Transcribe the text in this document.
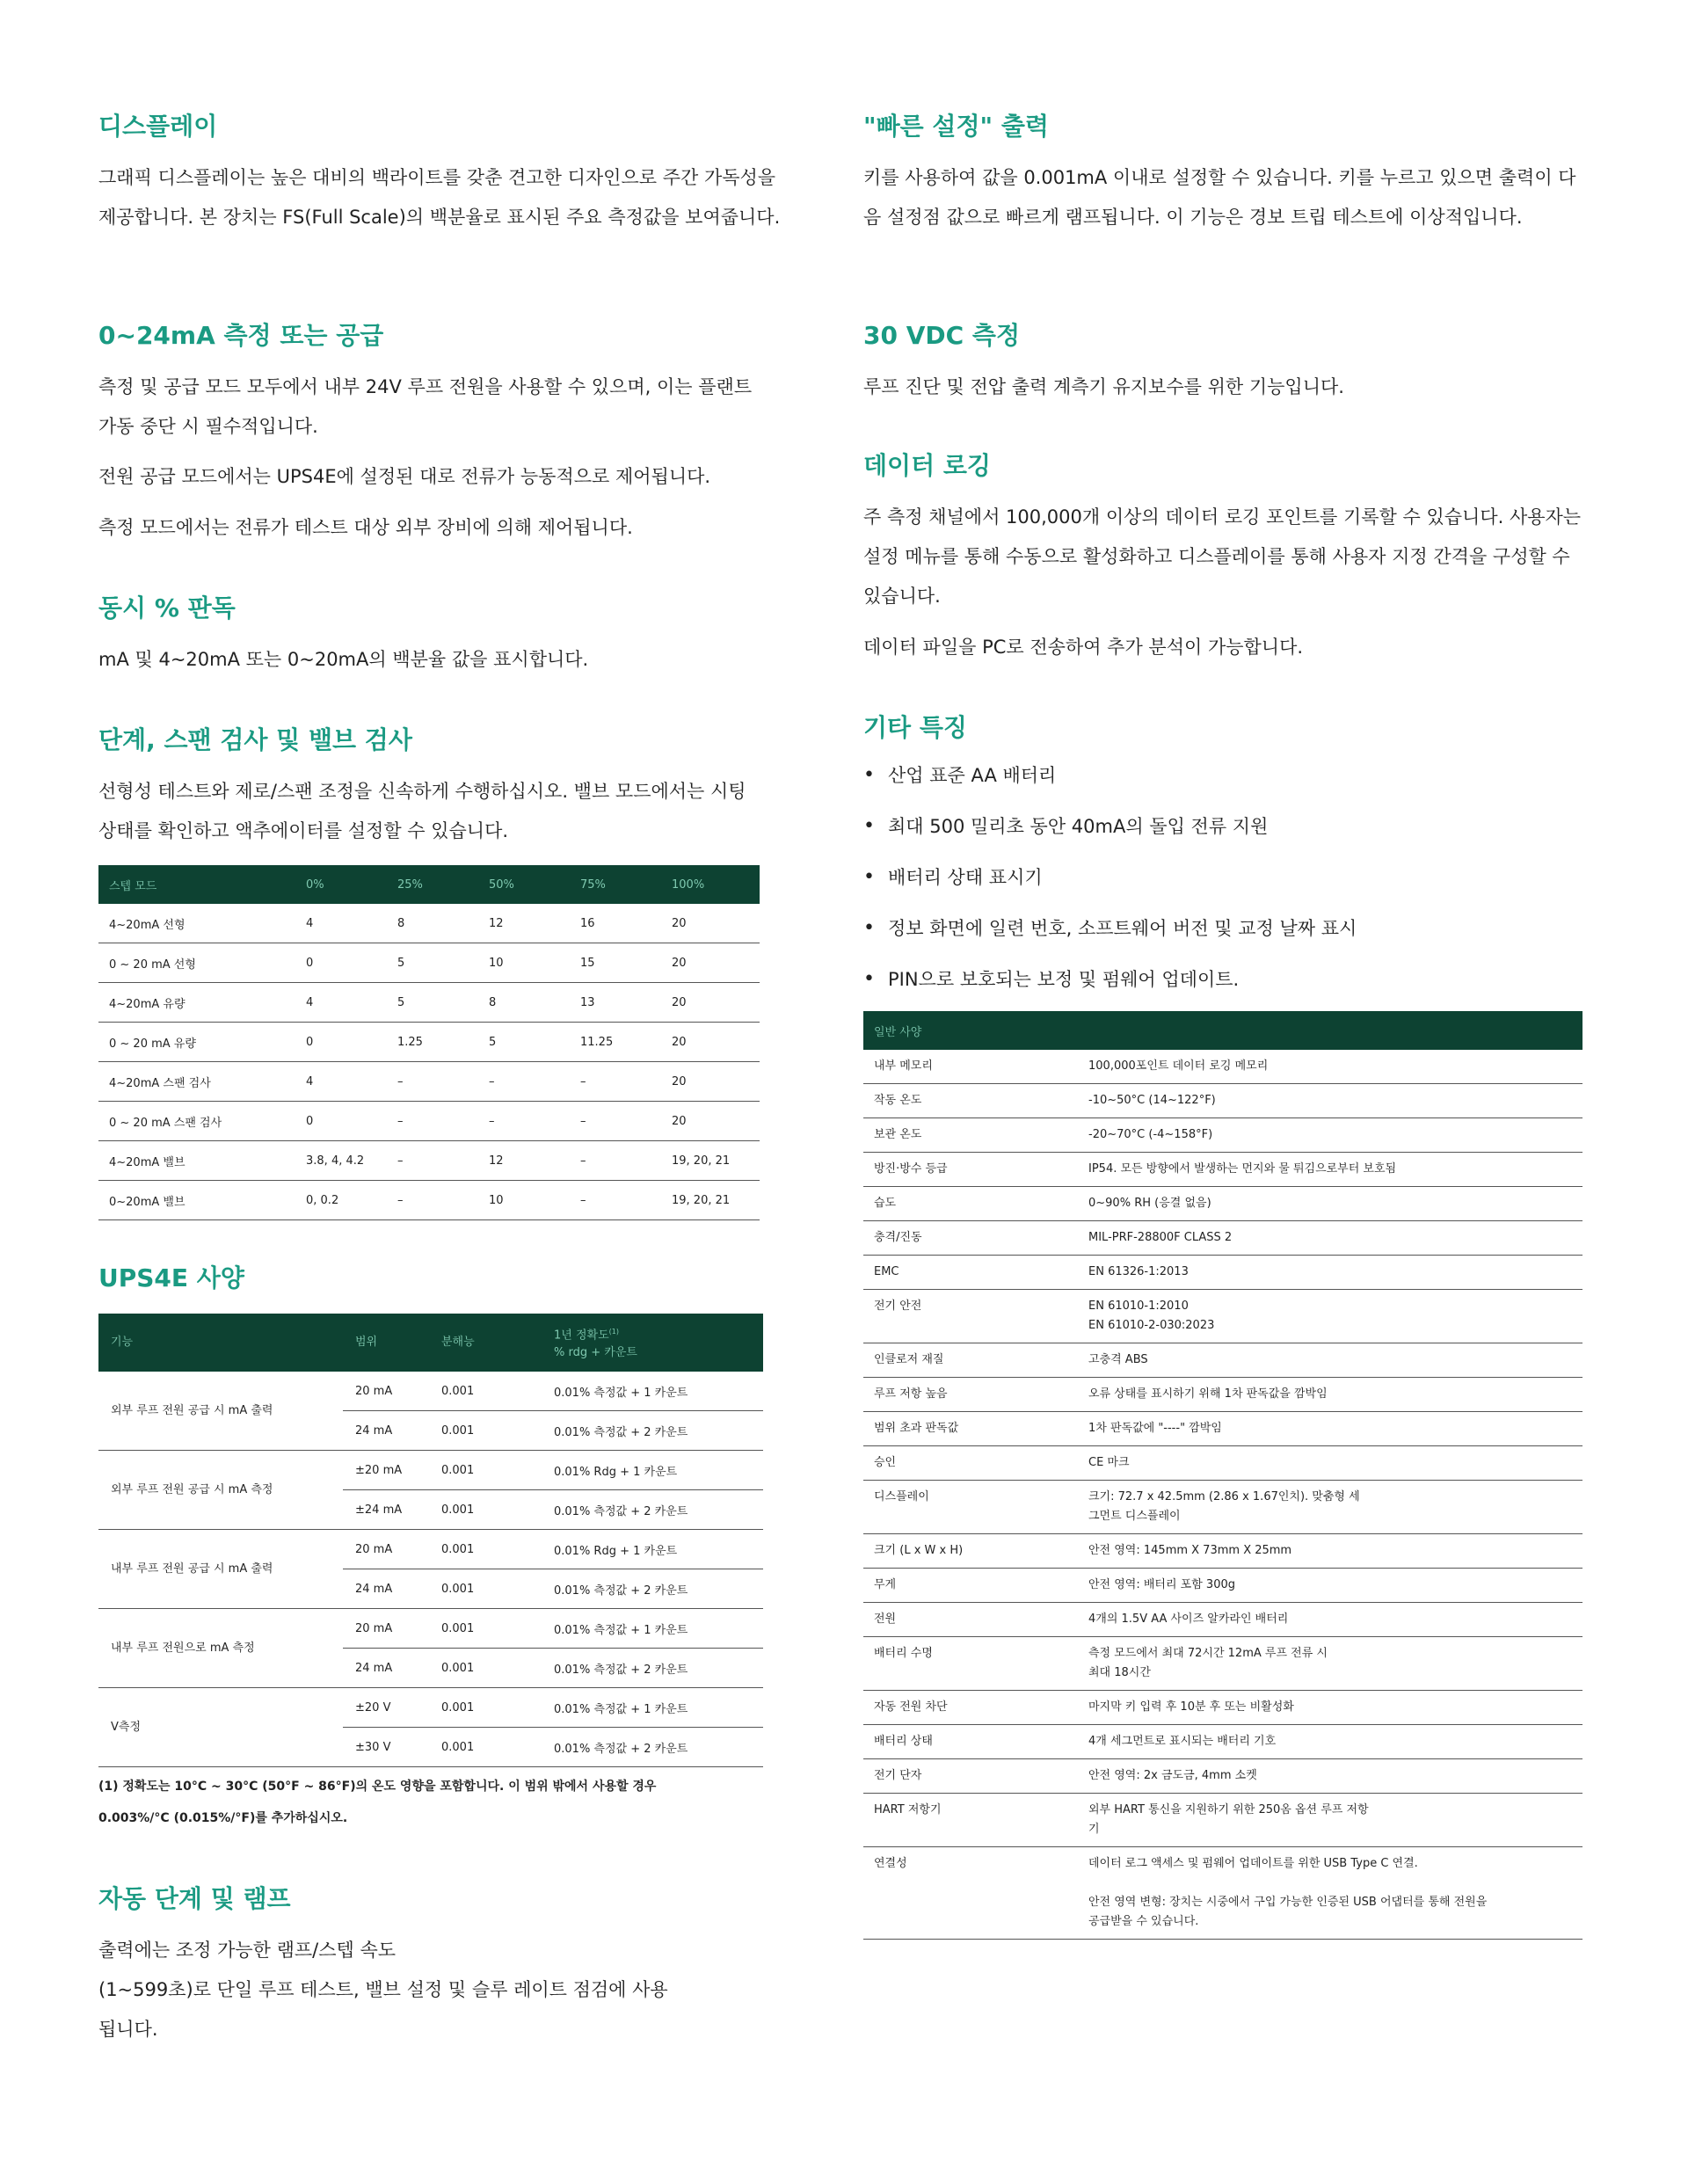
디스플레이

그래픽 디스플레이는 높은 대비의 백라이트를 갖춘 견고한 디자인으로 주간 가독성을 제공합니다. 본 장치는 FS(Full Scale)의 백분율로 표시된 주요 측정값을 보여줍니다.

0~24mA 측정 또는 공급

측정 및 공급 모드 모두에서 내부 24V 루프 전원을 사용할 수 있으며, 이는 플랜트 가동 중단 시 필수적입니다.

전원 공급 모드에서는 UPS4E에 설정된 대로 전류가 능동적으로 제어됩니다.

측정 모드에서는 전류가 테스트 대상 외부 장비에 의해 제어됩니다.

동시 % 판독

mA 및 4~20mA 또는 0~20mA의 백분율 값을 표시합니다.

단계, 스팬 검사 및 밸브 검사

선형성 테스트와 제로/스팬 조정을 신속하게 수행하십시오. 밸브 모드에서는 시팅 상태를 확인하고 액추에이터를 설정할 수 있습니다.

스텝 모드	0%	25%	50%	75%	100%
4~20mA 선형	4	8	12	16	20
0 ~ 20 mA 선형	0	5	10	15	20
4~20mA 유량	4	5	8	13	20
0 ~ 20 mA 유량	0	1.25	5	11.25	20
4~20mA 스팬 검사	4	–	–	–	20
0 ~ 20 mA 스팬 검사	0	–	–	–	20
4~20mA 밸브	3.8, 4, 4.2	–	12	–	19, 20, 21
0~20mA 밸브	0, 0.2	–	10	–	19, 20, 21
UPS4E 사양
기능	범위	분해능	1년 정확도$^{(1)}$
% rdg + 카운트
외부 루프 전원 공급 시 mA 출력	20 mA	0.001	0.01% 측정값 + 1 카운트
	24 mA	0.001	0.01% 측정값 + 2 카운트
외부 루프 전원 공급 시 mA 측정	±20 mA	0.001	0.01% Rdg + 1 카운트
	±24 mA	0.001	0.01% 측정값 + 2 카운트
내부 루프 전원 공급 시 mA 출력	20 mA	0.001	0.01% Rdg + 1 카운트
	24 mA	0.001	0.01% 측정값 + 2 카운트
내부 루프 전원으로 mA 측정	20 mA	0.001	0.01% 측정값 + 1 카운트
	24 mA	0.001	0.01% 측정값 + 2 카운트
V측정	±20 V	0.001	0.01% 측정값 + 1 카운트
	±30 V	0.001	0.01% 측정값 + 2 카운트

(1) 정확도는 10°C ~ 30°C (50°F ~ 86°F)의 온도 영향을 포함합니다. 이 범위 밖에서 사용할 경우

0.003%/°C (0.015%/°F)를 추가하십시오.

자동 단계 및 램프

출력에는 조정 가능한 램프/스텝 속도

(1~599초)로 단일 루프 테스트, 밸브 설정 및 슬루 레이트 점검에 사용

됩니다.

"빠른 설정" 출력

키를 사용하여 값을 0.001mA 이내로 설정할 수 있습니다. 키를 누르고 있으면 출력이 다음 설정점 값으로 빠르게 램프됩니다. 이 기능은 경보 트립 테스트에 이상적입니다.

30 VDC 측정

루프 진단 및 전압 출력 계측기 유지보수를 위한 기능입니다.

데이터 로깅

주 측정 채널에서 100,000개 이상의 데이터 로깅 포인트를 기록할 수 있습니다. 사용자는 설정 메뉴를 통해 수동으로 활성화하고 디스플레이를 통해 사용자 지정 간격을 구성할 수 있습니다.

데이터 파일을 PC로 전송하여 추가 분석이 가능합니다.

기타 특징
• 산업 표준 AA 배터리
• 최대 500 밀리초 동안 40mA의 돌입 전류 지원
• 배터리 상태 표시기
• 정보 화면에 일련 번호, 소프트웨어 버전 및 교정 날짜 표시
• PIN으로 보호되는 보정 및 펌웨어 업데이트.
일반 사양	
내부 메모리	100,000포인트 데이터 로깅 메모리
작동 온도	-10~50°C (14~122°F)
보관 온도	-20~70°C (-4~158°F)
방진·방수 등급	IP54. 모든 방향에서 발생하는 먼지와 물 튀김으로부터 보호됨
습도	0~90% RH (응결 없음)
충격/진동	MIL-PRF-28800F CLASS 2
EMC	EN 61326-1:2013
전기 안전	EN 61010-1:2010
EN 61010-2-030:2023
인클로저 재질	고충격 ABS
루프 저항 높음	오류 상태를 표시하기 위해 1차 판독값을 깜박임
범위 초과 판독값	1차 판독값에 "----" 깜박임
승인	CE 마크
디스플레이	크기: 72.7 x 42.5mm (2.86 x 1.67인치). 맞춤형 세
그먼트 디스플레이
크기 (L x W x H)	안전 영역: 145mm X 73mm X 25mm
무게	안전 영역: 배터리 포함 300g
전원	4개의 1.5V AA 사이즈 알카라인 배터리
배터리 수명	측정 모드에서 최대 72시간 12mA 루프 전류 시
최대 18시간
자동 전원 차단	마지막 키 입력 후 10분 후 또는 비활성화
배터리 상태	4개 세그먼트로 표시되는 배터리 기호
전기 단자	안전 영역: 2x 금도금, 4mm 소켓
HART 저항기	외부 HART 통신을 지원하기 위한 250옴 옵션 루프 저항
기
연결성	데이터 로그 액세스 및 펌웨어 업데이트를 위한 USB Type C 연결.

안전 영역 변형: 장치는 시중에서 구입 가능한 인증된 USB 어댑터를 통해 전원을
공급받을 수 있습니다.
